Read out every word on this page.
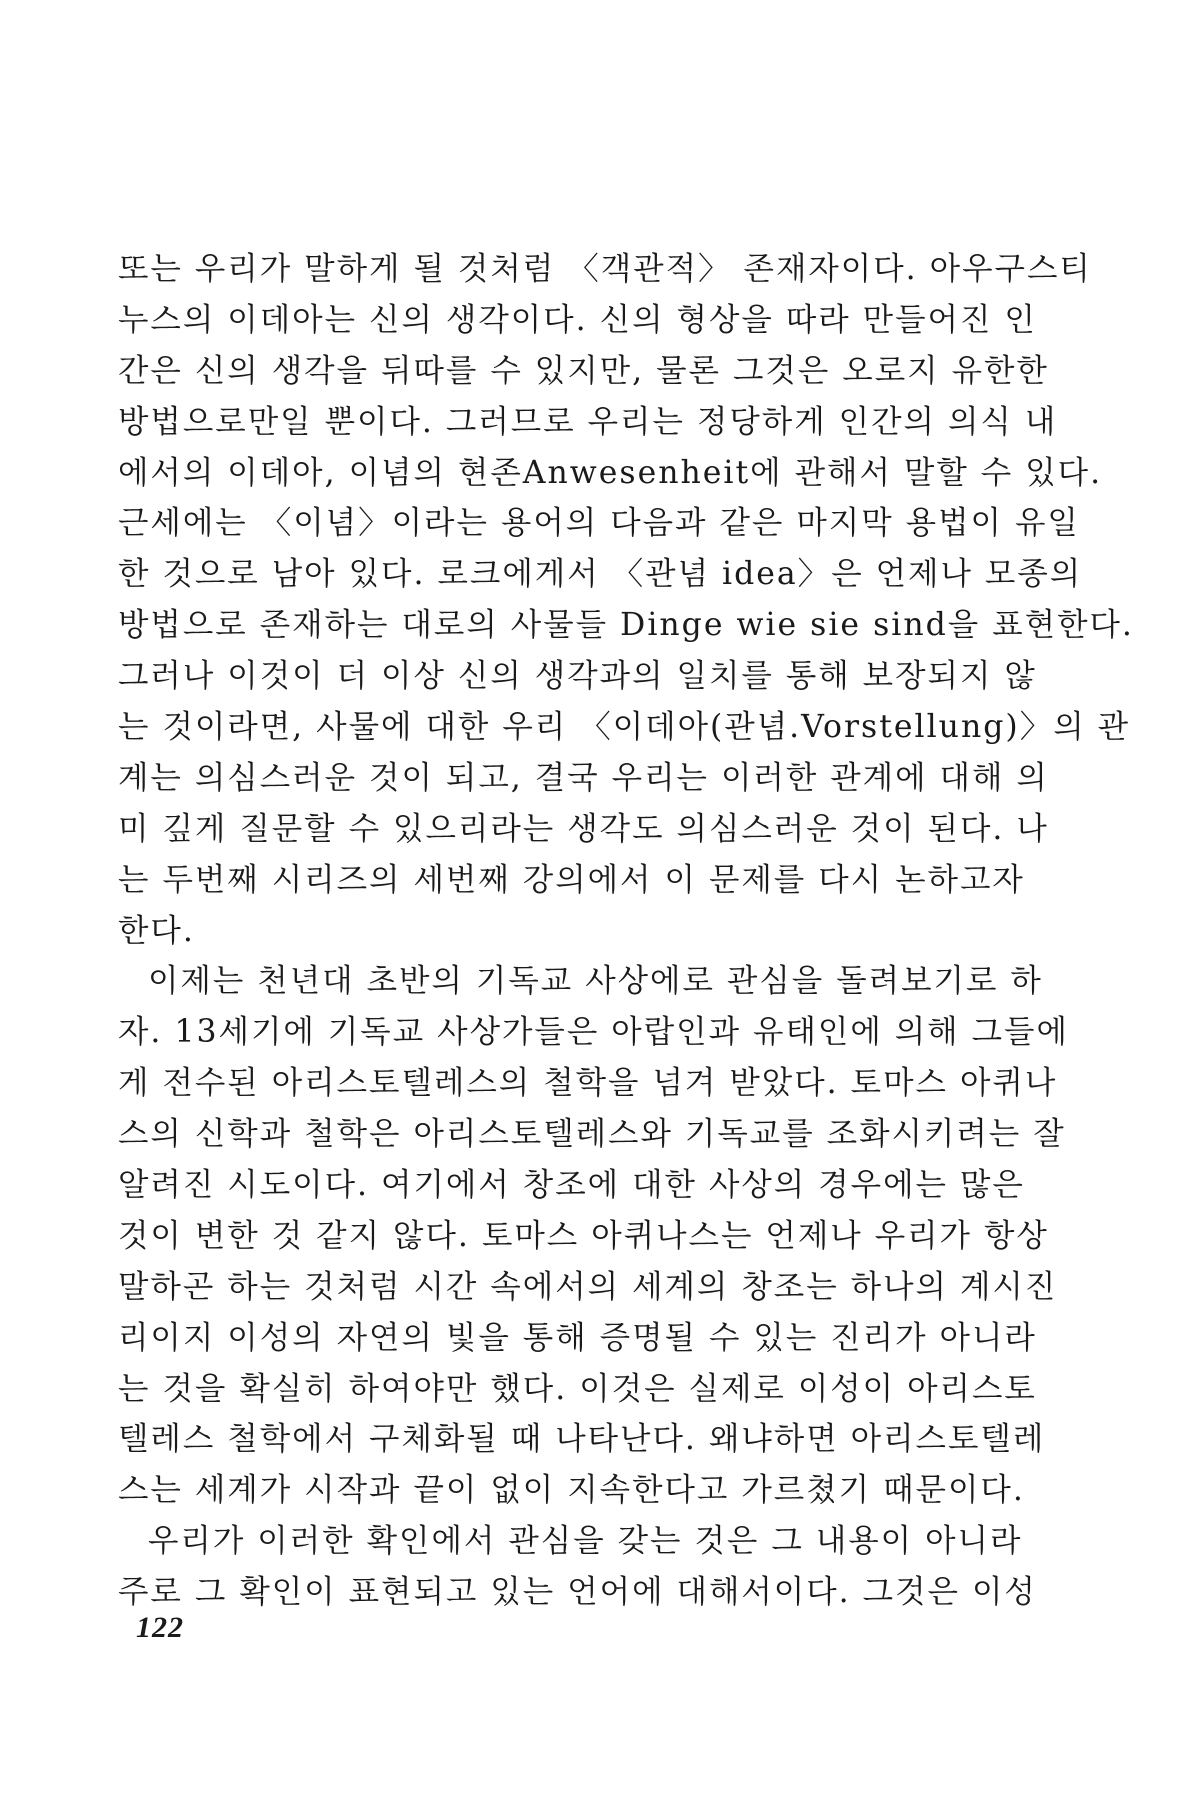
또는 우리가 말하게 될 것처럼 〈객관적〉 존재자이다. 아우구스티
누스의 이데아는 신의 생각이다. 신의 형상을 따라 만들어진 인
간은 신의 생각을 뒤따를 수 있지만, 물론 그것은 오로지 유한한
방법으로만일 뿐이다. 그러므로 우리는 정당하게 인간의 의식 내
에서의 이데아, 이념의 현존Anwesenheit에 관해서 말할 수 있다.
근세에는 〈이념〉이라는 용어의 다음과 같은 마지막 용법이 유일
한 것으로 남아 있다. 로크에게서 〈관념 idea〉은 언제나 모종의
방법으로 존재하는 대로의 사물들 Dinge wie sie sind을 표현한다.
그러나 이것이 더 이상 신의 생각과의 일치를 통해 보장되지 않
는 것이라면, 사물에 대한 우리 〈이데아(관념.Vorstellung)〉의 관
계는 의심스러운 것이 되고, 결국 우리는 이러한 관계에 대해 의
미 깊게 질문할 수 있으리라는 생각도 의심스러운 것이 된다. 나
는 두번째 시리즈의 세번째 강의에서 이 문제를 다시 논하고자
한다.
이제는 천년대 초반의 기독교 사상에로 관심을 돌려보기로 하
자. 13세기에 기독교 사상가들은 아랍인과 유태인에 의해 그들에
게 전수된 아리스토텔레스의 철학을 넘겨 받았다. 토마스 아퀴나
스의 신학과 철학은 아리스토텔레스와 기독교를 조화시키려는 잘
알려진 시도이다. 여기에서 창조에 대한 사상의 경우에는 많은
것이 변한 것 같지 않다. 토마스 아퀴나스는 언제나 우리가 항상
말하곤 하는 것처럼 시간 속에서의 세계의 창조는 하나의 계시진
리이지 이성의 자연의 빛을 통해 증명될 수 있는 진리가 아니라
는 것을 확실히 하여야만 했다. 이것은 실제로 이성이 아리스토
텔레스 철학에서 구체화될 때 나타난다. 왜냐하면 아리스토텔레
스는 세계가 시작과 끝이 없이 지속한다고 가르쳤기 때문이다.
우리가 이러한 확인에서 관심을 갖는 것은 그 내용이 아니라
주로 그 확인이 표현되고 있는 언어에 대해서이다. 그것은 이성
122
